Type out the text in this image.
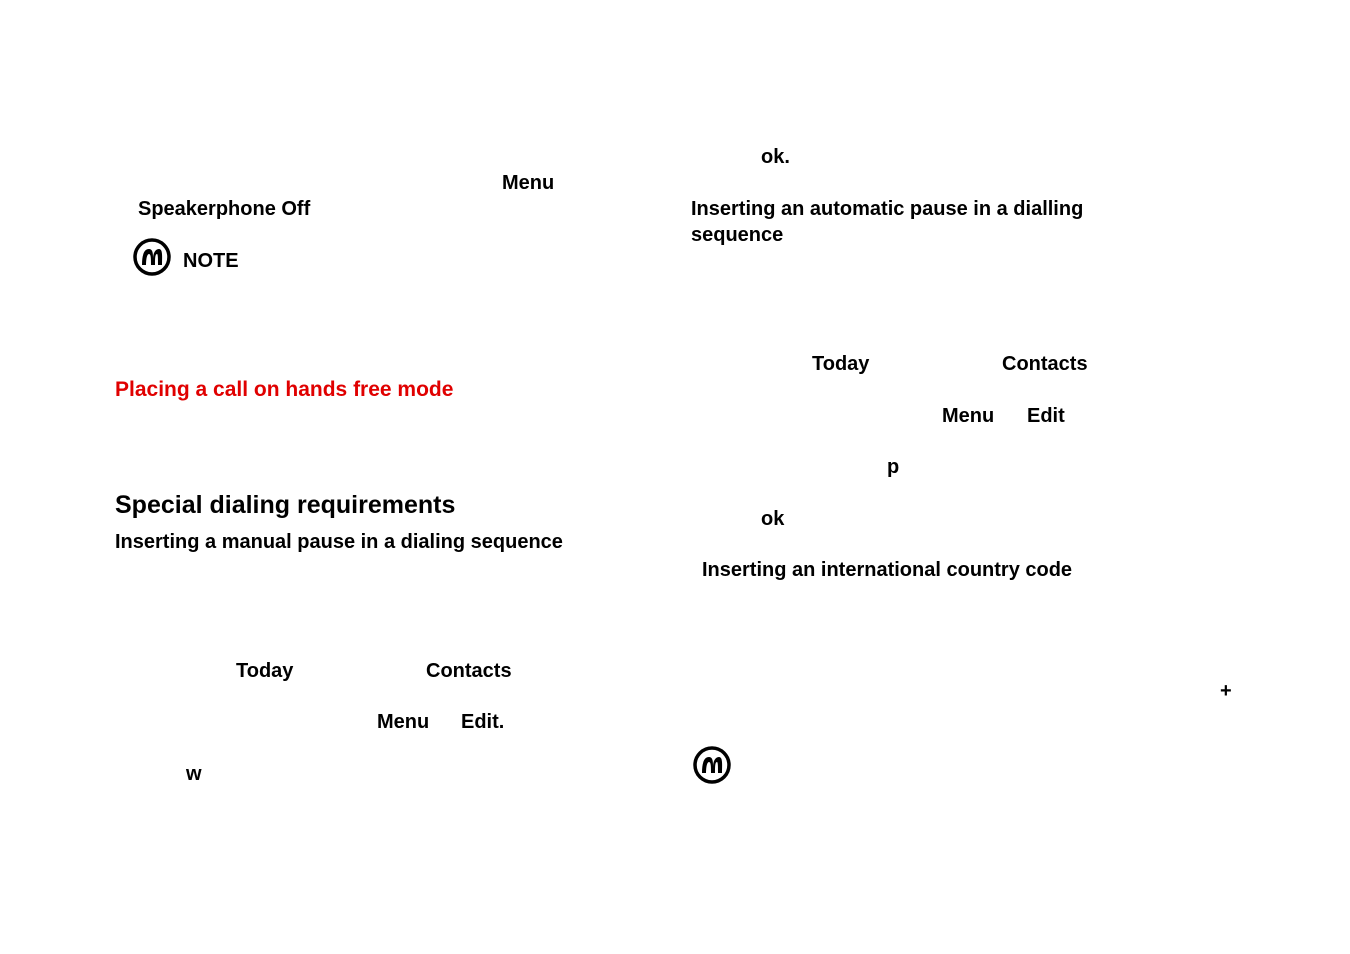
Menu
Speakerphone Off
NOTE
Placing a call on hands free mode
Special dialing requirements
Inserting a manual pause in a dialing sequence
Today	Contacts
Menu Edit.
w
ok.
Inserting an automatic pause in a dialling
sequence
Today	Contacts
Menu Edit
p
ok
Inserting an international country code
+
